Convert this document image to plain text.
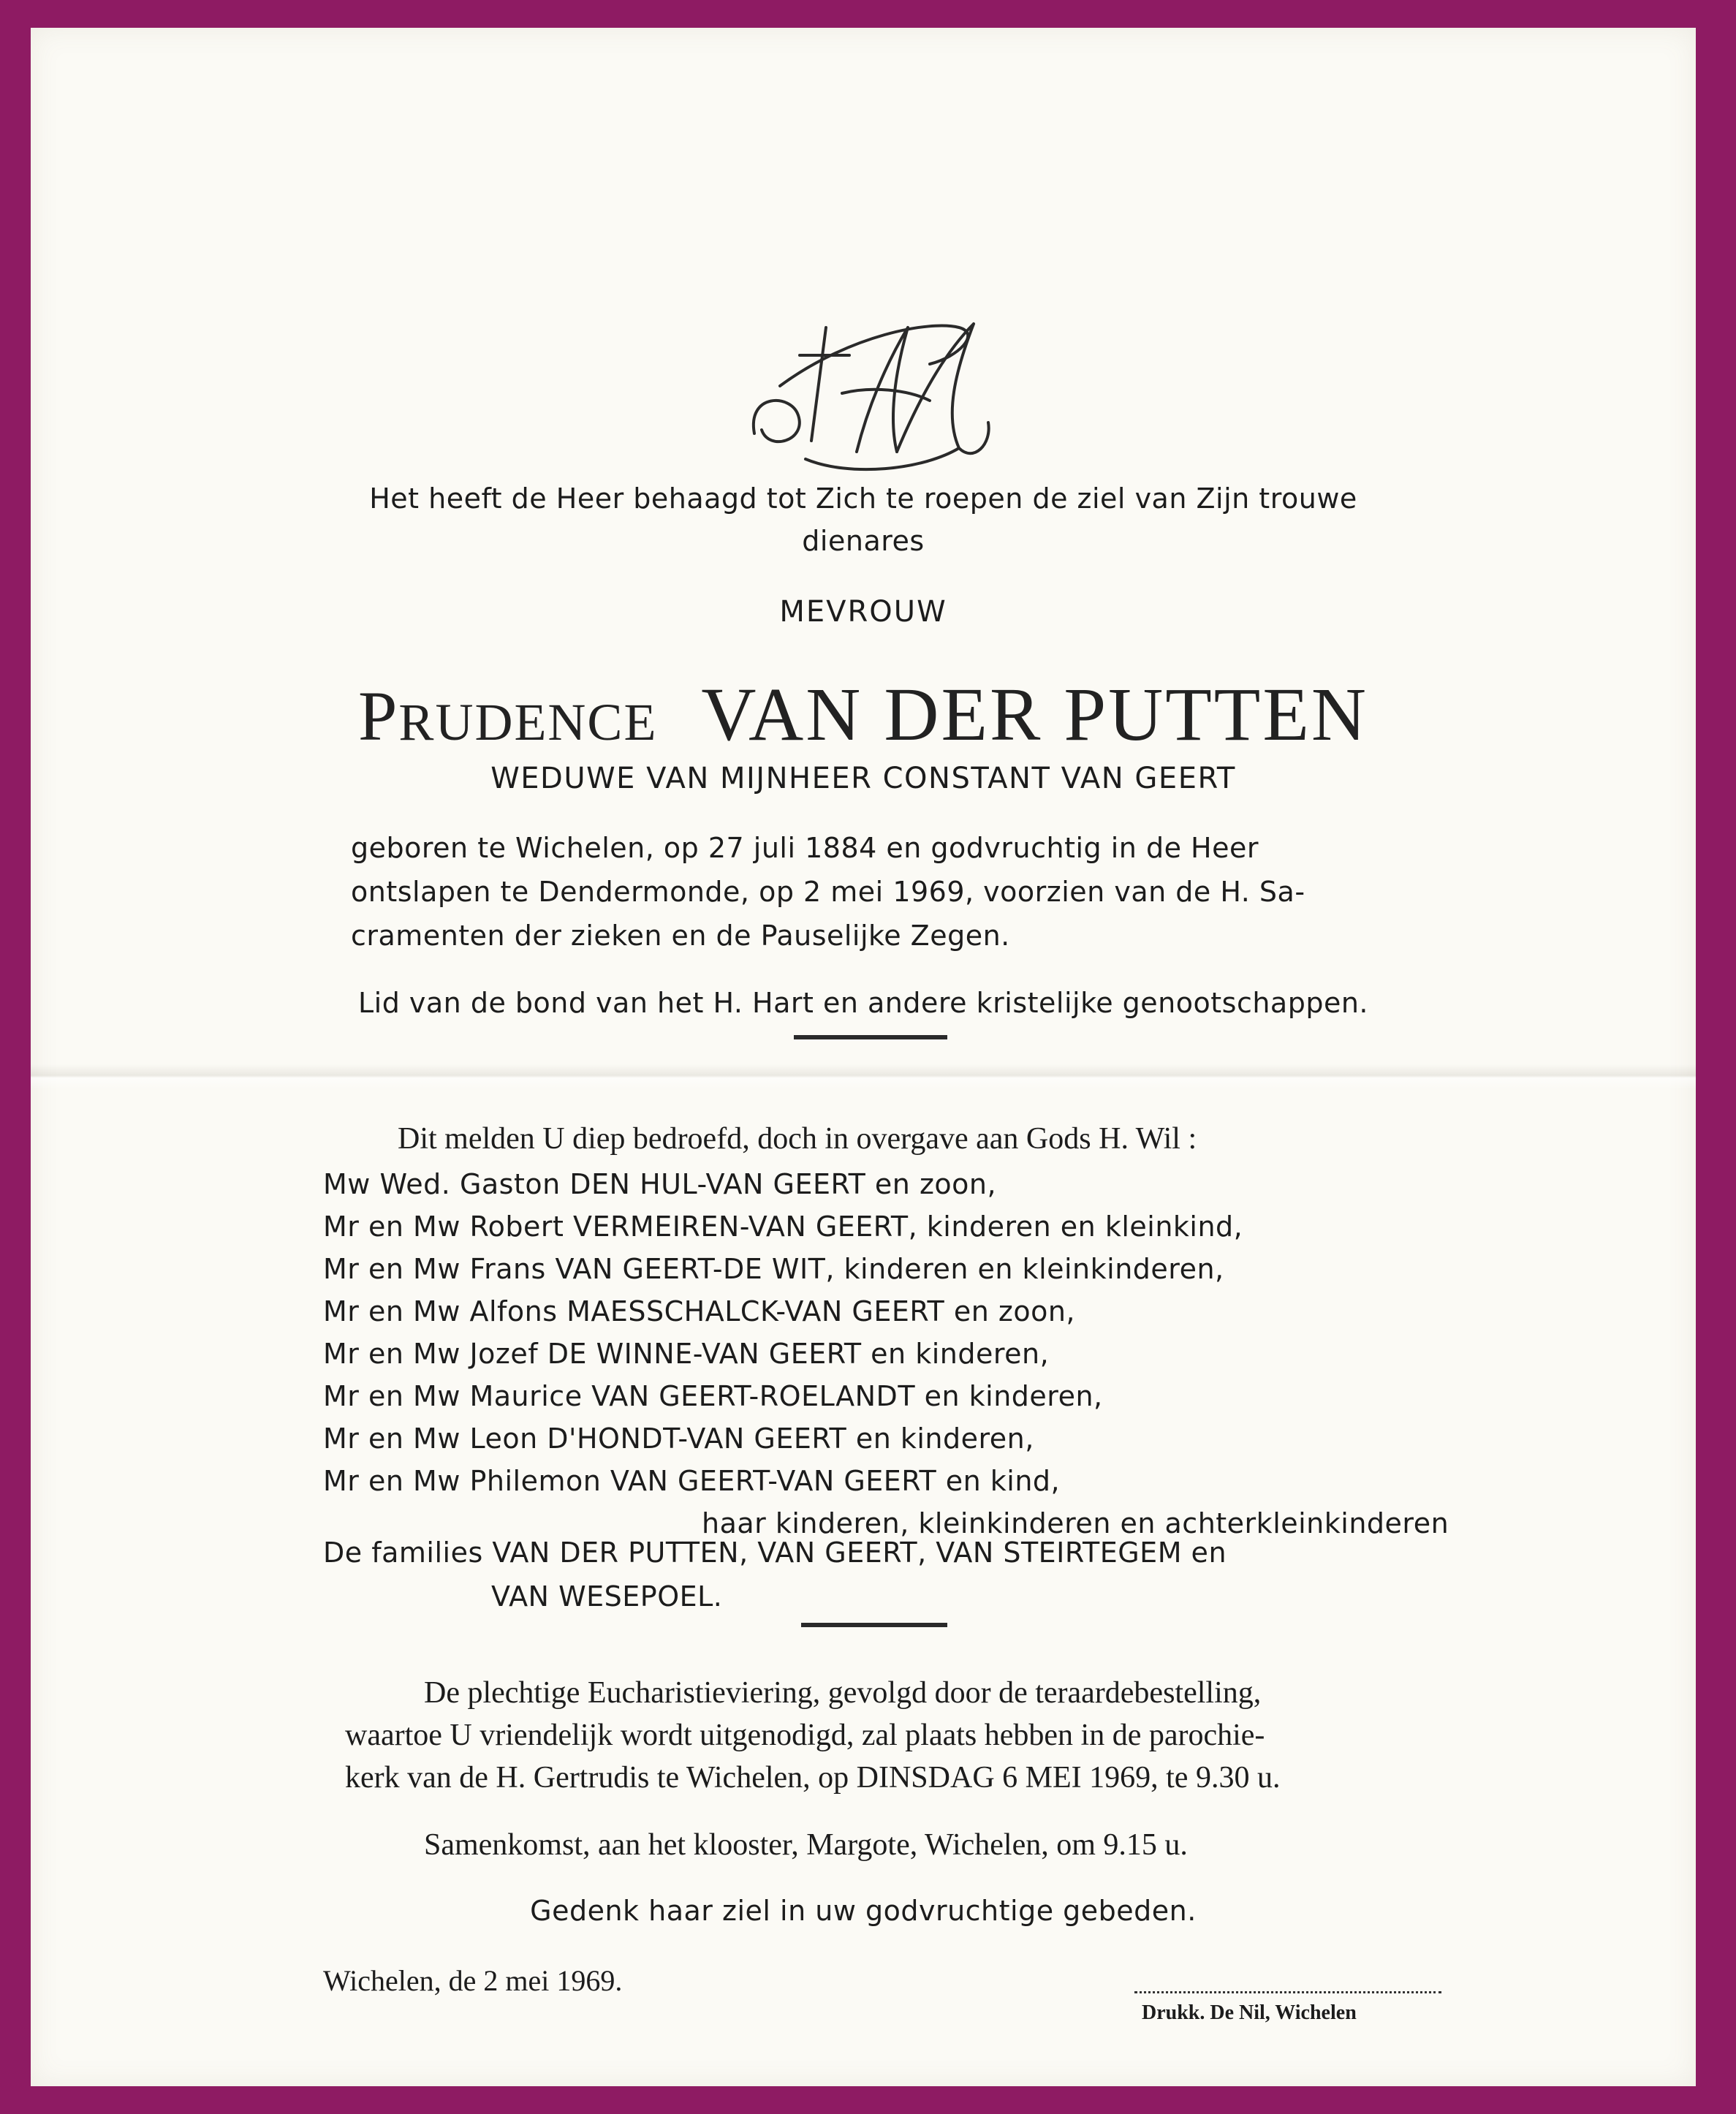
Het heeft de Heer behaagd tot Zich te roepen de ziel van Zijn trouwe
dienares
MEVROUW
PRUDENCE VAN DER PUTTEN
WEDUWE VAN MIJNHEER CONSTANT VAN GEERT
geboren te Wichelen, op 27 juli 1884 en godvruchtig in de Heer
ontslapen te Dendermonde, op 2 mei 1969, voorzien van de H. Sa-
cramenten der zieken en de Pauselijke Zegen.
Lid van de bond van het H. Hart en andere kristelijke genootschappen.
Dit melden U diep bedroefd, doch in overgave aan Gods H. Wil :
Mw Wed. Gaston DEN HUL-VAN GEERT en zoon,
Mr en Mw Robert VERMEIREN-VAN GEERT, kinderen en kleinkind,
Mr en Mw Frans VAN GEERT-DE WIT, kinderen en kleinkinderen,
Mr en Mw Alfons MAESSCHALCK-VAN GEERT en zoon,
Mr en Mw Jozef DE WINNE-VAN GEERT en kinderen,
Mr en Mw Maurice VAN GEERT-ROELANDT en kinderen,
Mr en Mw Leon D'HONDT-VAN GEERT en kinderen,
Mr en Mw Philemon VAN GEERT-VAN GEERT en kind,
haar kinderen, kleinkinderen en achterkleinkinderen
De families VAN DER PUTTEN, VAN GEERT, VAN STEIRTEGEM en
VAN WESEPOEL.
De plechtige Eucharistieviering, gevolgd door de teraardebestelling,
waartoe U vriendelijk wordt uitgenodigd, zal plaats hebben in de parochie-
kerk van de H. Gertrudis te Wichelen, op DINSDAG 6 MEI 1969, te 9.30 u.
Samenkomst, aan het klooster, Margote, Wichelen, om 9.15 u.
Gedenk haar ziel in uw godvruchtige gebeden.
Wichelen, de 2 mei 1969.
Drukk. De Nil, Wichelen
